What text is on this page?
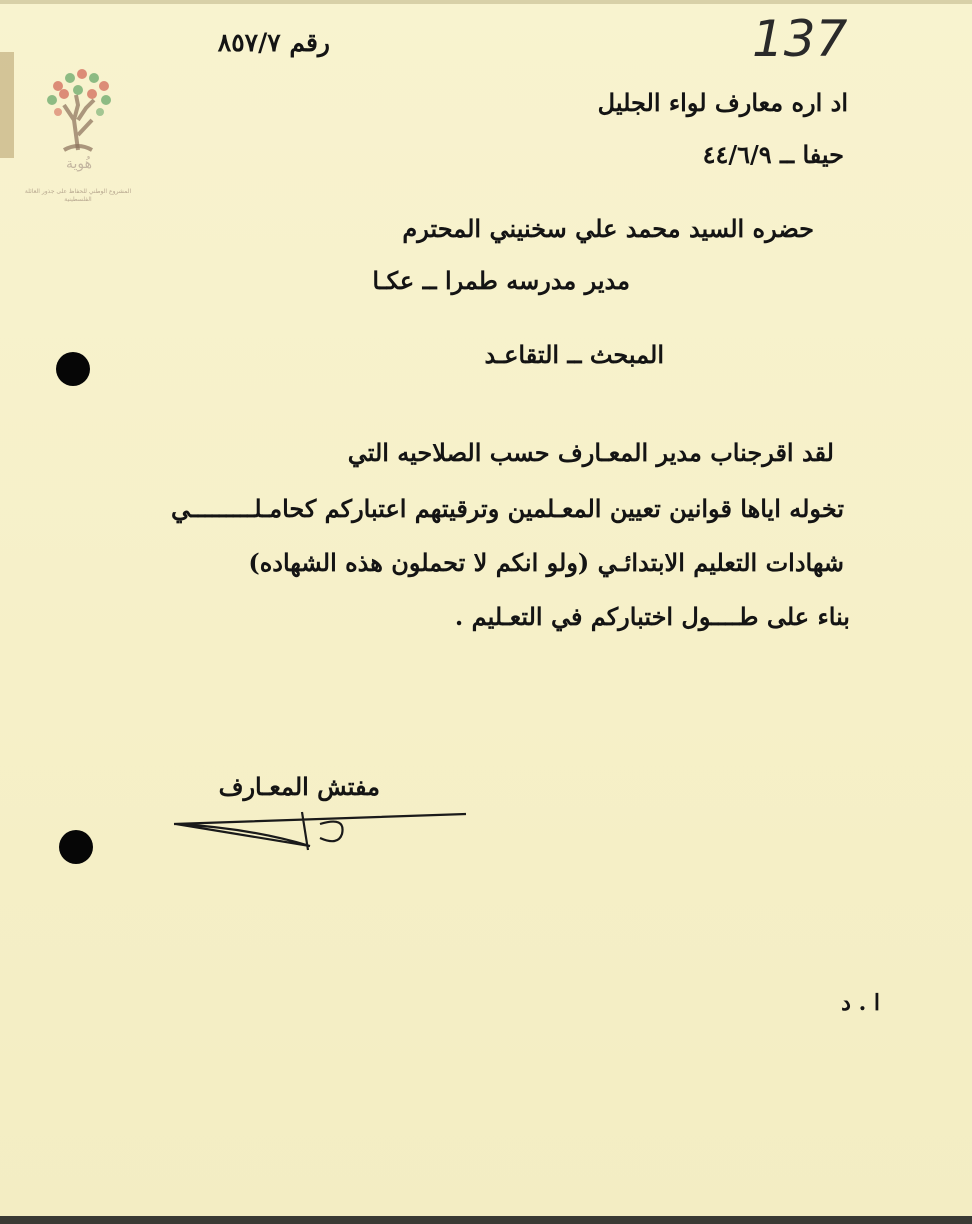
هُوية
المشروع الوطني للحفاظ على جذور العائلة الفلسطينية
رقم ٨٥٧/٧	137
اد اره معارف لواء الجليل
حيفا ــ ٤٤/٦/٩
حضره السيد محمد علي سخنيني المحترم
مدير مدرسه طمرا ــ عكـا
المبحث ــ التقاعـد
لقد اقرجناب مدير المعـارف حسب الصلاحيه التي
تخوله اياها قوانين تعيين المعـلمين وترقيتهم اعتباركم كحامـلـــــــــي
شهادات التعليم الابتدائـي (ولو انكم لا تحملون هذه الشهاده)
بناء على طــــول اختباركم في التعـليم .
مفتش المعـارف
ا . د
